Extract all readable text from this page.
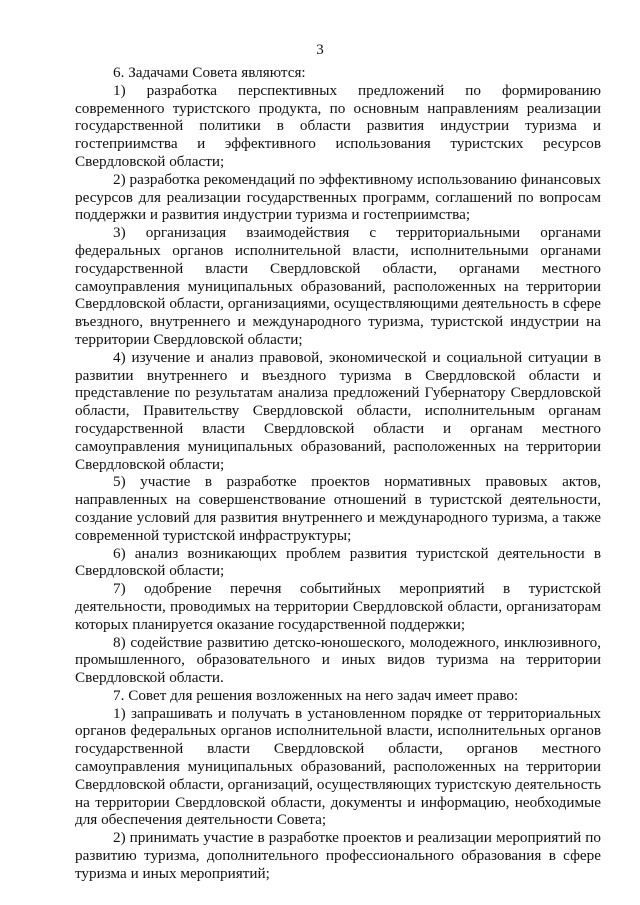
3

6. Задачами Совета являются:

1) разработка перспективных предложений по формированию современного туристского продукта, по основным направлениям реализации государственной политики в области развития индустрии туризма и гостеприимства и эффективного использования туристских ресурсов Свердловской области;

2) разработка рекомендаций по эффективному использованию финансовых ресурсов для реализации государственных программ, соглашений по вопросам поддержки и развития индустрии туризма и гостеприимства;

3) организация взаимодействия с территориальными органами федеральных органов исполнительной власти, исполнительными органами государственной власти Свердловской области, органами местного самоуправления муниципальных образований, расположенных на территории Свердловской области, организациями, осуществляющими деятельность в сфере въездного, внутреннего и международного туризма, туристской индустрии на территории Свердловской области;

4) изучение и анализ правовой, экономической и социальной ситуации в развитии внутреннего и въездного туризма в Свердловской области и представление по результатам анализа предложений Губернатору Свердловской области, Правительству Свердловской области, исполнительным органам государственной власти Свердловской области и органам местного самоуправления муниципальных образований, расположенных на территории Свердловской области;

5) участие в разработке проектов нормативных правовых актов, направленных на совершенствование отношений в туристской деятельности, создание условий для развития внутреннего и международного туризма, а также современной туристской инфраструктуры;

6) анализ возникающих проблем развития туристской деятельности в Свердловской области;

7) одобрение перечня событийных мероприятий в туристской деятельности, проводимых на территории Свердловской области, организаторам которых планируется оказание государственной поддержки;

8) содействие развитию детско-юношеского, молодежного, инклюзивного, промышленного, образовательного и иных видов туризма на территории Свердловской области.

7. Совет для решения возложенных на него задач имеет право:

1) запрашивать и получать в установленном порядке от территориальных органов федеральных органов исполнительной власти, исполнительных органов государственной власти Свердловской области, органов местного самоуправления муниципальных образований, расположенных на территории Свердловской области, организаций, осуществляющих туристскую деятельность на территории Свердловской области, документы и информацию, необходимые для обеспечения деятельности Совета;

2) принимать участие в разработке проектов и реализации мероприятий по развитию туризма, дополнительного профессионального образования в сфере туризма и иных мероприятий;
